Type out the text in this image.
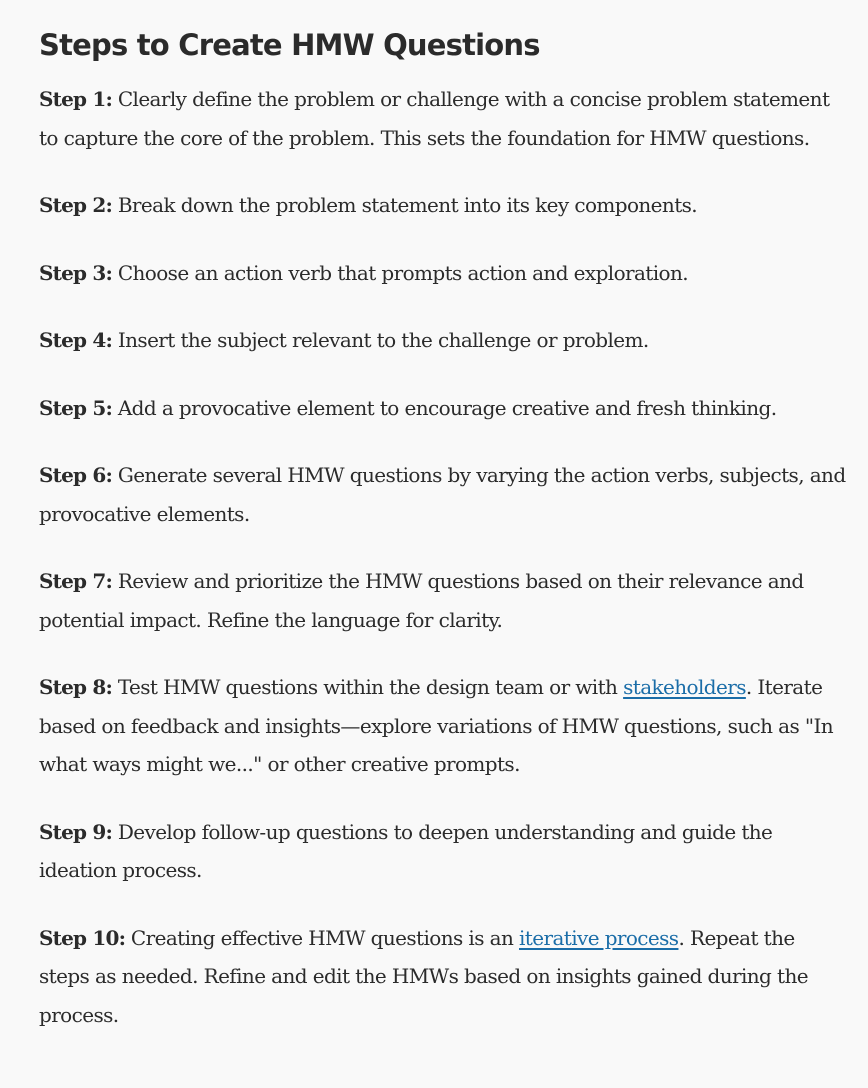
Steps to Create HMW Questions

Step 1: Clearly define the problem or challenge with a concise problem statement to capture the core of the problem. This sets the foundation for HMW questions.

Step 2: Break down the problem statement into its key components.

Step 3: Choose an action verb that prompts action and exploration.

Step 4: Insert the subject relevant to the challenge or problem.

Step 5: Add a provocative element to encourage creative and fresh thinking.

Step 6: Generate several HMW questions by varying the action verbs, subjects, and provocative elements.

Step 7: Review and prioritize the HMW questions based on their relevance and potential impact. Refine the language for clarity.

Step 8: Test HMW questions within the design team or with stakeholders. Iterate based on feedback and insights—explore variations of HMW questions, such as "In what ways might we..." or other creative prompts.

Step 9: Develop follow-up questions to deepen understanding and guide the ideation process.

Step 10: Creating effective HMW questions is an iterative process. Repeat the steps as needed. Refine and edit the HMWs based on insights gained during the process.
